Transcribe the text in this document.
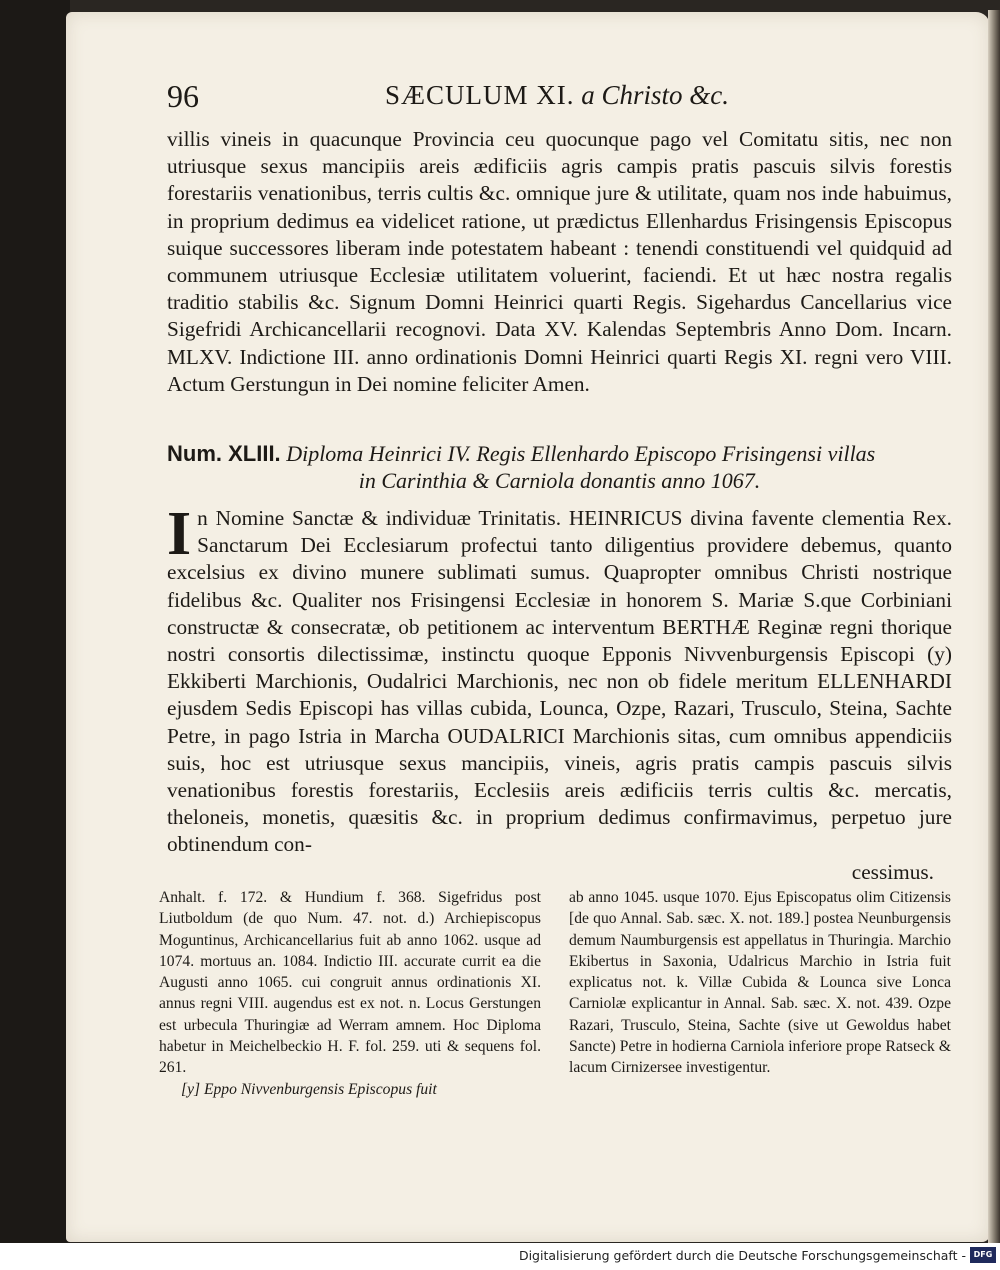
96	SÆCULUM XI. a Christo &c.
villis vineis in quacunque Provincia ceu quocunque pago vel Comitatu sitis, nec non utriusque sexus mancipiis areis ædificiis agris campis pratis pascuis silvis forestis forestariis venationibus, terris cultis &c. omnique jure & utilitate, quam nos inde habuimus, in proprium dedimus ea videlicet ratione, ut prædictus Ellenhardus Frisingensis Episcopus suique successores liberam inde potestatem habeant : tenendi constituendi vel quidquid ad communem utriusque Ecclesiæ utilitatem voluerint, faciendi. Et ut hæc nostra regalis traditio stabilis &c. Signum Domni Heinrici quarti Regis. Sigehardus Cancellarius vice Sigefridi Archicancellarii recognovi. Data XV. Kalendas Septembris Anno Dom. Incarn. MLXV. Indictione III. anno ordinationis Domni Heinrici quarti Regis XI. regni vero VIII. Actum Gerstungun in Dei nomine feliciter Amen.
Num. XLIII. Diploma Heinrici IV. Regis Ellenhardo Episcopo Frisingensi villas
in Carinthia & Carniola donantis anno 1067.
I n Nomine Sanctæ & individuæ Trinitatis. HEINRICUS divina favente clementia Rex. Sanctarum Dei Ecclesiarum profectui tanto diligentius providere debemus, quanto excelsius ex divino munere sublimati sumus. Quapropter omnibus Christi nostrique fidelibus &c. Qualiter nos Frisingensi Ecclesiæ in honorem S. Mariæ S.que Corbiniani constructæ & consecratæ, ob petitionem ac interventum BERTHÆ Reginæ regni thorique nostri consortis dilectissimæ, instinctu quoque Epponis Nivvenburgensis Episcopi (y) Ekkiberti Marchionis, Oudalrici Marchionis, nec non ob fidele meritum ELLENHARDI ejusdem Sedis Episcopi has villas cubida, Lounca, Ozpe, Razari, Trusculo, Steina, Sachte Petre, in pago Istria in Marcha OUDALRICI Marchionis sitas, cum omnibus appendiciis suis, hoc est utriusque sexus mancipiis, vineis, agris pratis campis pascuis silvis venationibus forestis forestariis, Ecclesiis areis ædificiis terris cultis &c. mercatis, theloneis, monetis, quæsitis &c. in proprium dedimus confirmavimus, perpetuo jure obtinendum con-
cessimus.
Anhalt. f. 172. & Hundium f. 368. Sigefridus post Liutboldum (de quo Num. 47. not. d.) Archiepiscopus Moguntinus, Archicancellarius fuit ab anno 1062. usque ad 1074. mortuus an. 1084. Indictio III. accurate currit ea die Augusti anno 1065. cui congruit annus ordinationis XI. annus regni VIII. augendus est ex not. n. Locus Gerstungen est urbecula Thuringiæ ad Werram amnem. Hoc Diploma habetur in Meichelbeckio H. F. fol. 259. uti & sequens fol. 261.

[y] Eppo Nivvenburgensis Episcopus fuit
ab anno 1045. usque 1070. Ejus Episcopatus olim Citizensis [de quo Annal. Sab. sæc. X. not. 189.] postea Neunburgensis demum Naumburgensis est appellatus in Thuringia. Marchio Ekibertus in Saxonia, Udalricus Marchio in Istria fuit explicatus not. k. Villæ Cubida & Lounca sive Lonca Carniolæ explicantur in Annal. Sab. sæc. X. not. 439. Ozpe Razari, Trusculo, Steina, Sachte (sive ut Gewoldus habet Sancte) Petre in hodierna Carniola inferiore prope Ratseck & lacum Cirnizersee investigentur.
Digitalisierung gefördert durch die Deutsche Forschungsgemeinschaft - DFG
